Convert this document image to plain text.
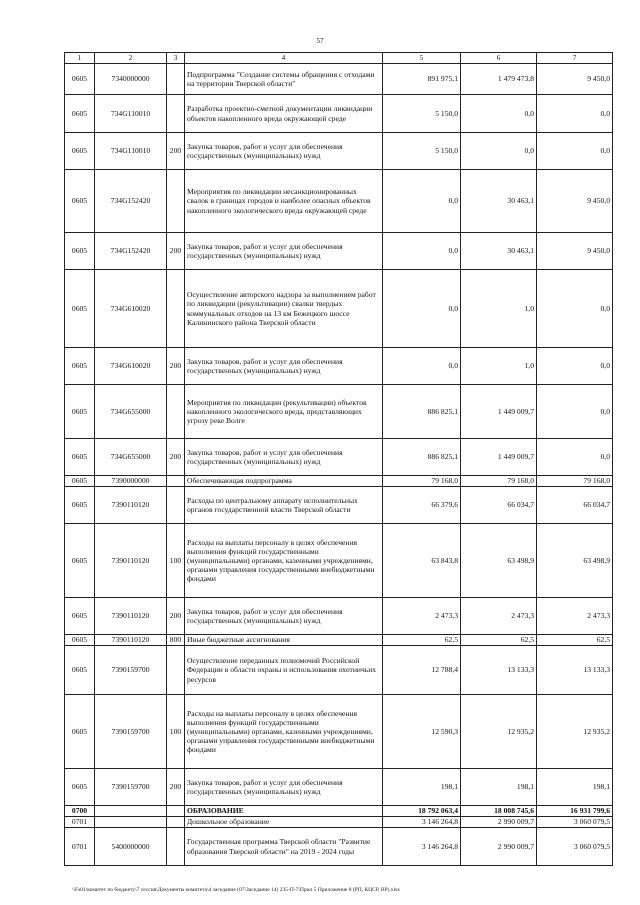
57
1	2	3	4	5	6	7
0605	7340000000		Подпрограмма "Создание системы обращения с отходами на территории Тверской области"	891 975,1	1 479 473,8	9 450,0
0605	734G110010		Разработка проектно-сметной документации ликвидации объектов накопленного вреда окружающей среде	5 150,0	0,0	0,0
0605	734G110010	200	Закупка товаров, работ и услуг для обеспечения государственных (муниципальных) нужд	5 150,0	0,0	0,0
0605	734G152420		Мероприятия по ликвидации несанкционированных свалок в границах городов и наиболее опасных объектов накопленного экологического вреда окружающей среде	0,0	30 463,1	9 450,0
0605	734G152420	200	Закупка товаров, работ и услуг для обеспечения государственных (муниципальных) нужд	0,0	30 463,1	9 450,0
0605	734G610020		Осуществление авторского надзора за выполнением работ по ликвидации (рекультивации) свалки твердых коммунальных отходов на 13 км Бежецкого шоссе Калининского района Тверской области	0,0	1,0	0,0
0605	734G610020	200	Закупка товаров, работ и услуг для обеспечения государственных (муниципальных) нужд	0,0	1,0	0,0
0605	734G655000		Мероприятия по ликвидации (рекультивации) объектов накопленного экологического вреда, представляющих угрозу реке Волге	886 825,1	1 449 009,7	0,0
0605	734G655000	200	Закупка товаров, работ и услуг для обеспечения государственных (муниципальных) нужд	886 825,1	1 449 009,7	0,0
0605	7390000000		Обеспечивающая подпрограмма	79 168,0	79 168,0	79 168,0
0605	7390110120		Расходы по центральному аппарату исполнительных органов государственной власти Тверской области	66 379,6	66 034,7	66 034,7
0605	7390110120	100	Расходы на выплаты персоналу в целях обеспечения выполнения функций государственными (муниципальными) органами, казенными учреждениями, органами управления государственными внебюджетными фондами	63 843,8	63 498,9	63 498,9
0605	7390110120	200	Закупка товаров, работ и услуг для обеспечения государственных (муниципальных) нужд	2 473,3	2 473,3	2 473,3
0605	7390110120	800	Иные бюджетные ассигнования	62,5	62,5	62,5
0605	7390159700		Осуществление переданных полномочий Российской Федерации в области охраны и использования охотничьих ресурсов	12 788,4	13 133,3	13 133,3
0605	7390159700	100	Расходы на выплаты персоналу в целях обеспечения выполнения функций государственными (муниципальными) органами, казенными учреждениями, органами управления государственными внебюджетными фондами	12 590,3	12 935,2	12 935,2
0605	7390159700	200	Закупка товаров, работ и услуг для обеспечения государственных (муниципальных) нужд	198,1	198,1	198,1
0700			ОБРАЗОВАНИЕ	18 792 063,4	18 008 745,6	16 931 799,6
0701			Дошкольное образование	3 146 264,8	2 990 009,7	3 060 079,5
0701	5400000000		Государственная программа Тверской области "Развитие образования Тверской области" на 2019 - 2024 годы	3 146 264,8	2 990 009,7	3 060 079,5
\\Fs01\комитет по бюджету\7 сессия\Документы комитета\4 заседание (07\Заседание 14) 235-П-7\Прил 5 Приложение 8 (РП, КЦСР, ВР).xlsx
